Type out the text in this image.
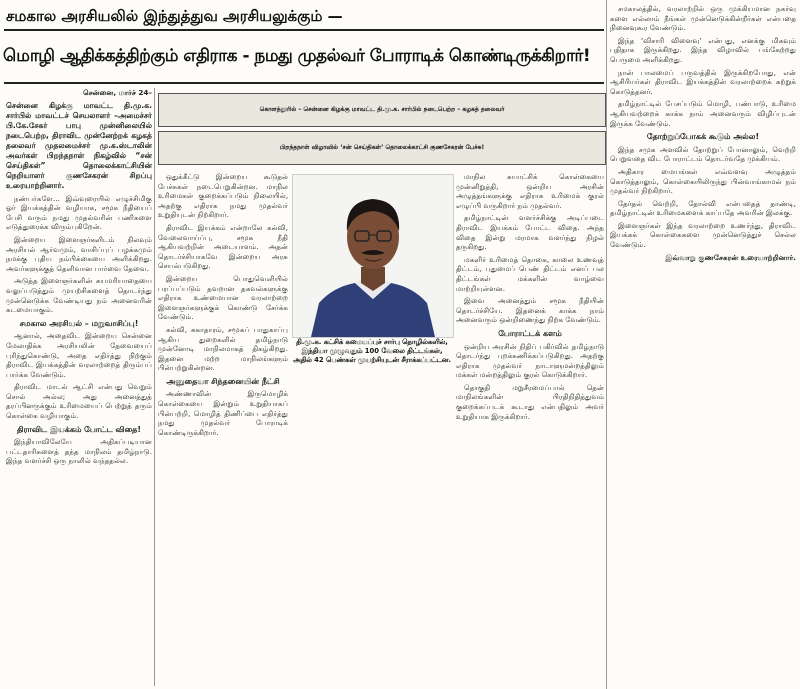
சமகால அரசியலில் இந்துத்துவ அரசியலுக்கும் —
மொழி ஆதிக்கத்திற்கும் எதிராக - நமது முதல்வர் போராடிக் கொண்டிருக்கிறார்!

சென்னை, மார்ச் 24–

சென்னை கிழக்கு மாவட்ட தி.மு.க. சார்பில் மாவட்டச் செயலாளர் –அமைச்சர் பி.கே.சேகர் பாபு முன்னிலையில் நடைபெற்ற, திராவிட முன்னேற்றக் கழகத் தலைவர் முதலமைச்சர் மு.க.ஸ்டாலின் அவர்கள் பிறந்தநாள் நிகழ்வில் “சன் செய்திகள்” தொலைக்காட்சியின் நெறியாளர் குணசேகரன் சிறப்பு உரையாற்றினார்.

நண்பர்களே... இவ்வுரையில் எழுச்சிமிகு ஓர் இயக்கத்தின் வழியாக, சமூக நீதியைப் பேசி வரும் நமது முதல்வரின் பணிகளை எடுத்துரைக்க விரும்புகிறேன்.

இன்றைய இளைஞர்களிடம் நிலவும் அரசியல் ஆர்வமும், வாசிப்புப் பழக்கமும் நமக்கு புதிய நம்பிக்கையை அளிக்கிறது. அவர்களுக்குத் தெளிவான பார்வை தேவை.

அடுத்த இளைஞர்களின் சுயமரியாதையை வலுப்படுத்தும் முயற்சிகளைத் தொடர்ந்து முன்னெடுக்க வேண்டியது நம் அனைவரின் கடமையாகும்.

சமகால அரசியல் – மறுவாசிப்பு!

ஆனால், அதைவிட இன்றைய சென்னை மேலாதிக்க அரசியலின் தேவையைப் புரிந்துகொண்டு, அதை எதிர்த்து நிற்கும் திராவிட இயக்கத்தின் வரலாற்றைத் திரும்பப் பார்க்க வேண்டும்.

திராவிட மாடல் ஆட்சி என்பது வெறும் சொல் அல்ல; அது அனைத்துத் தரப்பினருக்கும் உரிமையைப் பெற்றுத் தரும் கொள்கை வழியாகும்.

திராவிட இயக்கம் போட்ட விதை!

இந்தியாவிலேயே அதிகப்படியான பட்டதாரிகளைத் தந்த மாநிலம் தமிழ்நாடு. இந்த வளர்ச்சி ஒரு நாளில் வந்ததல்ல.

கொளத்தூரில் – சென்னை கிழக்கு மாவட்ட தி.மு.க. சார்பில் நடைபெற்ற – கழகத் தலைவர்
பிறந்தநாள் விழாவில் ‘சன் செய்திகள்’ தொலைக்காட்சி குணசேகரன் பேச்சு!

ஒதுக்கீட்டு இன்றைய கூடுதல் பேச்சுகள் நடைபெறுகின்றன. மாநில உரிமைகள் குறைக்கப்படும் நிலையில், அதற்கு எதிராக நமது முதல்வர் உறுதியுடன் நிற்கிறார்.

திராவிட இயக்கம் என்றாலே கல்வி, வேலைவாய்ப்பு, சமூக நீதி ஆகியவற்றின் அடையாளம். அதன் தொடர்ச்சியாகவே இன்றைய அரசு செயல்படுகிறது.

இன்றைய பொதுவெளியில் பரப்பப்படும் தவறான தகவல்களுக்கு எதிராக உண்மையான வரலாற்றை இளைஞர்களுக்குக் கொண்டு சேர்க்க வேண்டும்.

கல்வி, சுகாதாரம், சமூகப் பாதுகாப்பு ஆகிய துறைகளில் தமிழ்நாடு முன்னோடி மாநிலமாகத் திகழ்கிறது. இதனை மற்ற மாநிலங்களும் பின்பற்றுகின்றன.

அனுதையா சிந்தனையின் நீட்சி

அண்ணாவின் இருமொழிக் கொள்கையை இன்றும் உறுதியாகப் பின்பற்றி, மொழித் திணிப்பை எதிர்த்து நமது முதல்வர் போராடிக் கொண்டிருக்கிறார்.

தி.மு.க. கட்சிக் கமையப்புச் சார்பு தொழில்களில், இந்தியா முழுவதும் 100 வேலை திட்டங்கள், அதில் 42 பெண்கள் முயற்சியுடன் சீராக்கப்பட்டன.

மாநில சுயாட்சிக் கொள்கையை முன்னிறுத்தி, ஒன்றிய அரசின் அழுத்தங்களுக்கு எதிராக உரிமைக் குரல் எழுப்பி வருகிறார் நம் முதல்வர்.

தமிழ்நாட்டின் வளர்ச்சிக்கு அடிப்படை திராவிட இயக்கம் போட்ட விதை. அந்த விதை இன்று மரமாக வளர்ந்து நிழல் தருகிறது.

மகளிர் உரிமைத் தொகை, காலை உணவுத் திட்டம், புதுமைப் பெண் திட்டம் எனப் பல திட்டங்கள் மக்களின் வாழ்வை மாற்றியுள்ளன.

இவை அனைத்தும் சமூக நீதியின் தொடர்ச்சியே. இதனைக் காக்க நாம் அனைவரும் ஒன்றிணைந்து நிற்க வேண்டும்.

போராட்டக் களம்

ஒன்றிய அரசின் நிதிப் பகிர்வில் தமிழ்நாடு தொடர்ந்து புறக்கணிக்கப்படுகிறது. அதற்கு எதிராக முதல்வர் நாடாளுமன்றத்திலும் மக்கள் மன்றத்திலும் குரல் கொடுக்கிறார்.

தொகுதி மறுசீரமைப்பால் தென் மாநிலங்களின் பிரதிநிதித்துவம் குறைக்கப்படக் கூடாது என்பதிலும் அவர் உறுதியாக இருக்கிறார்.

சமகாலத்தில், வரலாற்றில் ஒரு முக்கியமான நகர்வு களை எல்லாம் நீங்கள் முன்னெடுக்கின்றீர்கள் என்பதை நினைவுகூர வேண்டும்.

இந்த ‘விசாரி விளைவு’ என்பது, எனக்கு மிகவும் புதிதாக இருக்கிறது. இந்த விழாவில் பங்கேற்றது பெருமை அளிக்கிறது.

நான் பாலமைப் பருவத்தில் இருக்கிறபோது, என் ஆசிரியர்கள் திராவிட இயக்கத்தின் வரலாற்றைக் கற்றுக் கொடுத்தனர்.

தமிழ்நாட்டில் பேசப்படும் மொழி, பண்பாடு, உரிமை ஆகியவற்றைக் காக்க நாம் அனைவரும் விழிப்புடன் இருக்க வேண்டும்.

தோற்றுப்போகக் கூடும் அல்ல!

இந்த சமுக அளவில் தோற்றுப் போனாலும், வெற்றி பெறுவதை விட போராட்டம் தொடர்வதே முக்கியம்.

அதிகார மையங்கள் எவ்வளவு அழுத்தம் கொடுத்தாலும், கொள்கையிலிருந்து பின்வாங்காமல் நம் முதல்வர் நிற்கிறார்.

தேர்தல் வெற்றி, தோல்வி என்பதைத் தாண்டி, தமிழ்நாட்டின் உரிமைகளைக் காப்பதே அவரின் இலக்கு.

இளைஞர்கள் இந்த வரலாற்றை உணர்ந்து, திராவிட இயக்கக் கொள்கைகளை முன்னெடுத்துச் செல்ல வேண்டும்.

இவ்வாறு குணசேகரன் உரையாற்றினார்.
